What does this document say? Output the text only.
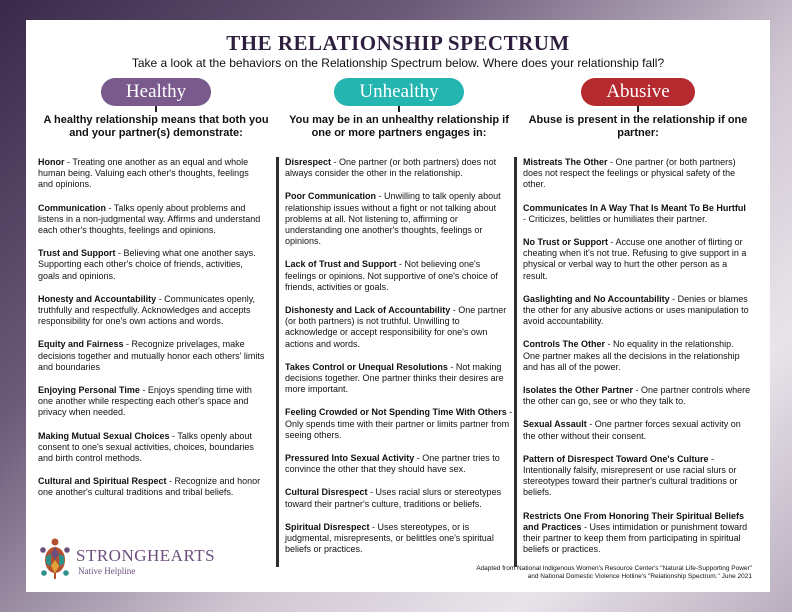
THE RELATIONSHIP SPECTRUM
Take a look at the behaviors on the Relationship Spectrum below. Where does your relationship fall?
Healthy
A healthy relationship means that both you and your partner(s) demonstrate:
Honor - Treating one another as an equal and whole human being. Valuing each other's thoughts, feelings and opinions.
Communication - Talks openly about problems and listens in a non-judgmental way. Affirms and understand each other's thoughts, feelings and opinions.
Trust and Support - Believing what one another says. Supporting each other's choice of friends, activities, goals and opinions.
Honesty and Accountability - Communicates openly, truthfully and respectfully. Acknowledges and accepts responsibility for one's own actions and words.
Equity and Fairness - Recognize privelages, make decisions together and mutually honor each others' limits and boundaries
Enjoying Personal Time - Enjoys spending time with one another while respecting each other's space and privacy when needed.
Making Mutual Sexual Choices - Talks openly about consent to one's sexual activities, choices, boundaries and birth control methods.
Cultural and Spiritual Respect - Recognize and honor one another's cultural traditions and tribal beliefs.
Unhealthy
You may be in an unhealthy relationship if one or more partners engages in:
Disrespect - One partner (or both partners) does not always consider the other in the relationship.
Poor Communication - Unwilling to talk openly about relationship issues without a fight or not talking about problems at all. Not listening to, affirming or understanding one another's thoughts, feelings or opinions.
Lack of Trust and Support - Not believing one's feelings or opinions. Not supportive of one's choice of friends, activities or goals.
Dishonesty and Lack of Accountability - One partner (or both partners) is not truthful. Unwilling to acknowledge or accept responsibility for one's own actions and words.
Takes Control or Unequal Resolutions - Not making decisions together. One partner thinks their desires are more important.
Feeling Crowded or Not Spending Time With Others - Only spends time with their partner or limits partner from seeing others.
Pressured Into Sexual Activity - One partner tries to convince the other that they should have sex.
Cultural Disrespect - Uses racial slurs or stereotypes toward their partner's culture, traditions or beliefs.
Spiritual Disrespect - Uses stereotypes, or is judgmental, misrepresents, or belittles one's spiritual beliefs or practices.
Abusive
Abuse is present in the relationship if one partner:
Mistreats The Other - One partner (or both partners) does not respect the feelings or physical safety of the other.
Communicates In A Way That Is Meant To Be Hurtful - Criticizes, belittles or humiliates their partner.
No Trust or Support - Accuse one another of flirting or cheating when it's not true. Refusing to give support in a physical or verbal way to hurt the other person as a result.
Gaslighting and No Accountability - Denies or blames the other for any abusive actions or uses manipulation to avoid accountability.
Controls The Other - No equality in the relationship. One partner makes all the decisions in the relationship and has all of the power.
Isolates the Other Partner - One partner controls where the other can go, see or who they talk to.
Sexual Assault - One partner forces sexual activity on the other without their consent.
Pattern of Disrespect Toward One's Culture - Intentionally falsify, misrepresent or use racial slurs or stereotypes toward their partner's cultural traditions or beliefs.
Restricts One From Honoring Their Spiritual Beliefs and Practices - Uses intimidation or punishment toward their partner to keep them from participating in spiritual beliefs or practices.
STRONGHEARTS
Native Helpline	Adapted from National Indigenous Women's Resource Center's "Natural Life-Supporting Power"
and National Domestic Violence Hotline's "Relationship Spectrum." June 2021
